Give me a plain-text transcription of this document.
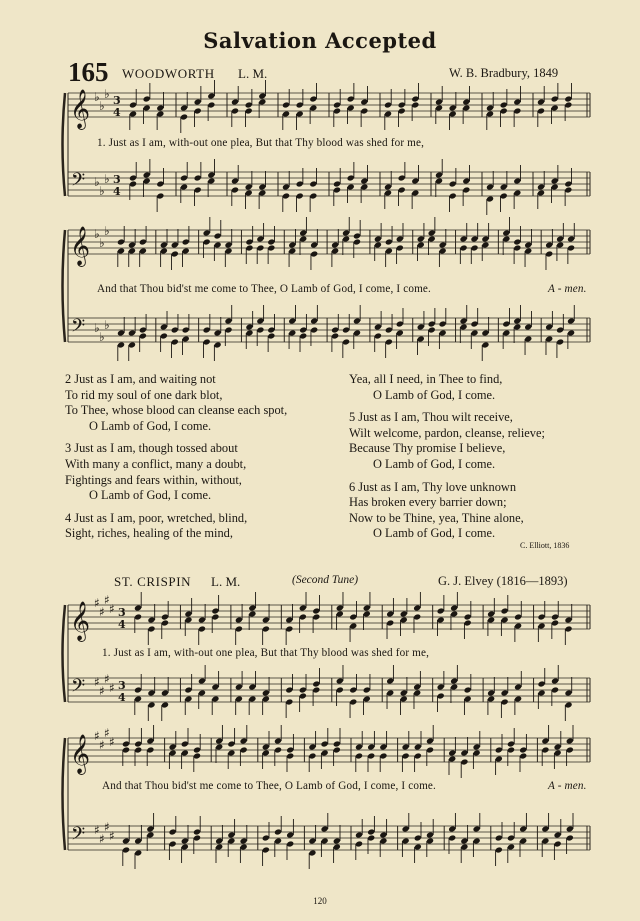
Salvation Accepted
165 WOODWORTH L. M.	W. B. Bradbury, 1849
𝄞
𝄢
♭
♭
♭
♭
♭
♭
3
4
3
4
1. Just as I am, with-out one plea, But that Thy blood was shed for me,
𝄞
𝄢
♭
♭
♭
♭
♭
♭
And that Thou bid'st me come to Thee, O Lamb of God, I come, I come.	A - men.
2 Just as I am, and waiting not
To rid my soul of one dark blot,
To Thee, whose blood can cleanse each spot,
O Lamb of God, I come.
3 Just as I am, though tossed about
With many a conflict, many a doubt,
Fightings and fears within, without,
O Lamb of God, I come.
4 Just as I am, poor, wretched, blind,
Sight, riches, healing of the mind,
Yea, all I need, in Thee to find,
O Lamb of God, I come.
5 Just as I am, Thou wilt receive,
Wilt welcome, pardon, cleanse, relieve;
Because Thy promise I believe,
O Lamb of God, I come.
6 Just as I am, Thy love unknown
Has broken every barrier down;
Now to be Thine, yea, Thine alone,
O Lamb of God, I come.
C. Elliott, 1836
ST. CRISPIN L. M.	(Second Tune)	G. J. Elvey (1816—1893)
𝄞
𝄢
♯
♯
♯
♯
♯
♯
♯
♯
3
4
3
4
1. Just as I am, with-out one plea, But that Thy blood was shed for me,
𝄞
𝄢
♯
♯
♯
♯
♯
♯
♯
♯
And that Thou bid'st me come to Thee, O Lamb of God, I come, I come.	A - men.
120
